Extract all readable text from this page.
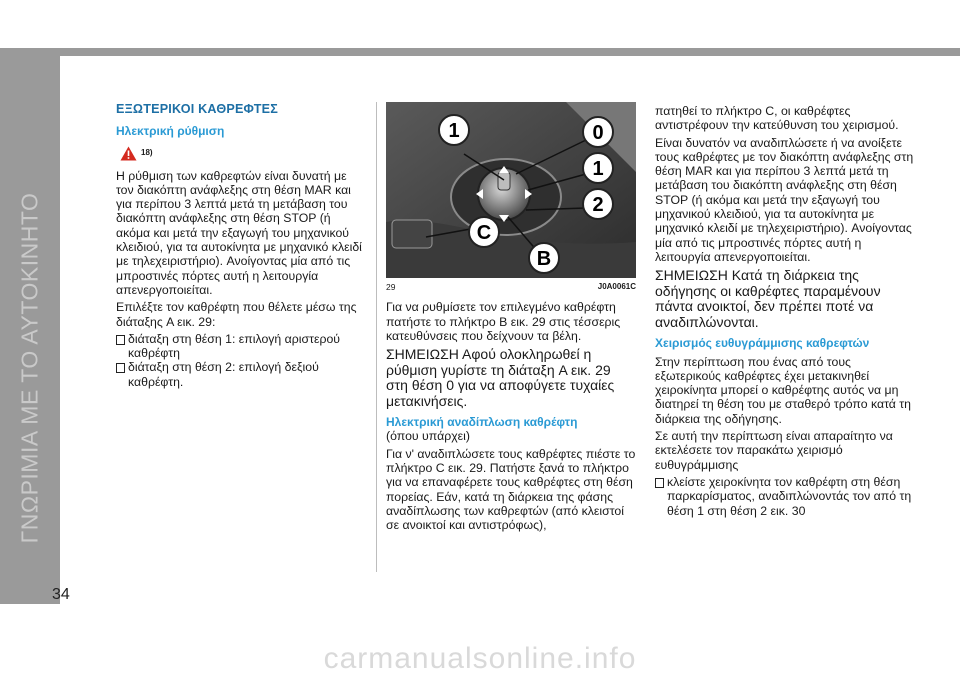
ΓΝΩΡΙΜΙΑ ΜΕ ΤΟ ΑΥΤΟΚΙΝΗΤΟ
ΕΞΩΤΕΡΙΚΟΙ ΚΑΘΡΕΦΤΕΣ
Ηλεκτρική ρύθμιση
18)

Η ρύθμιση των καθρεφτών είναι δυνατή με τον διακόπτη ανάφλεξης στη θέση MAR και για περίπου 3 λεπτά μετά τη μετάβαση του διακόπτη ανάφλεξης στη θέση STOP (ή ακόμα και μετά την εξαγωγή του μηχανικού κλειδιού, για τα αυτοκίνητα με μηχανικό κλειδί με τηλεχειριστήριο). Ανοίγοντας μία από τις μπροστινές πόρτες αυτή η λειτουργία απενεργοποιείται.

Επιλέξτε τον καθρέφτη που θέλετε μέσω της διάταξης A εικ. 29:

διάταξη στη θέση 1: επιλογή αριστερού καθρέφτη
διάταξη στη θέση 2: επιλογή δεξιού καθρέφτη.
1	0
1
2
C
B
29	J0A0061C

Για να ρυθμίσετε τον επιλεγμένο καθρέφτη πατήστε το πλήκτρο B εικ. 29 στις τέσσερις κατευθύνσεις που δείχνουν τα βέλη.

ΣΗΜΕΙΩΣΗ Αφού ολοκληρωθεί η ρύθμιση γυρίστε τη διάταξη A εικ. 29 στη θέση 0 για να αποφύγετε τυχαίες μετακινήσεις.

Ηλεκτρική αναδίπλωση καθρέφτη

(όπου υπάρχει)

Για ν' αναδιπλώσετε τους καθρέφτες πιέστε το πλήκτρο C εικ. 29. Πατήστε ξανά το πλήκτρο για να επαναφέρετε τους καθρέφτες στη θέση πορείας. Εάν, κατά τη διάρκεια της φάσης αναδίπλωσης των καθρεφτών (από κλειστοί σε ανοικτοί και αντιστρόφως),

πατηθεί το πλήκτρο C, οι καθρέφτες αντιστρέφουν την κατεύθυνση του χειρισμού.

Είναι δυνατόν να αναδιπλώσετε ή να ανοίξετε τους καθρέφτες με τον διακόπτη ανάφλεξης στη θέση MAR και για περίπου 3 λεπτά μετά τη μετάβαση του διακόπτη ανάφλεξης στη θέση STOP (ή ακόμα και μετά την εξαγωγή του μηχανικού κλειδιού, για τα αυτοκίνητα με μηχανικό κλειδί με τηλεχειριστήριο). Ανοίγοντας μία από τις μπροστινές πόρτες αυτή η λειτουργία απενεργοποιείται.

ΣΗΜΕΙΩΣΗ Κατά τη διάρκεια της οδήγησης οι καθρέφτες παραμένουν πάντα ανοικτοί, δεν πρέπει ποτέ να αναδιπλώνονται.

Χειρισμός ευθυγράμμισης καθρεφτών

Στην περίπτωση που ένας από τους εξωτερικούς καθρέφτες έχει μετακινηθεί χειροκίνητα μπορεί ο καθρέφτης αυτός να μη διατηρεί τη θέση του με σταθερό τρόπο κατά τη διάρκεια της οδήγησης.

Σε αυτή την περίπτωση είναι απαραίτητο να εκτελέσετε τον παρακάτω χειρισμό ευθυγράμμισης

κλείστε χειροκίνητα τον καθρέφτη στη θέση παρκαρίσματος, αναδιπλώνοντάς τον από τη θέση 1 στη θέση 2 εικ. 30
34
carmanualsonline.info
